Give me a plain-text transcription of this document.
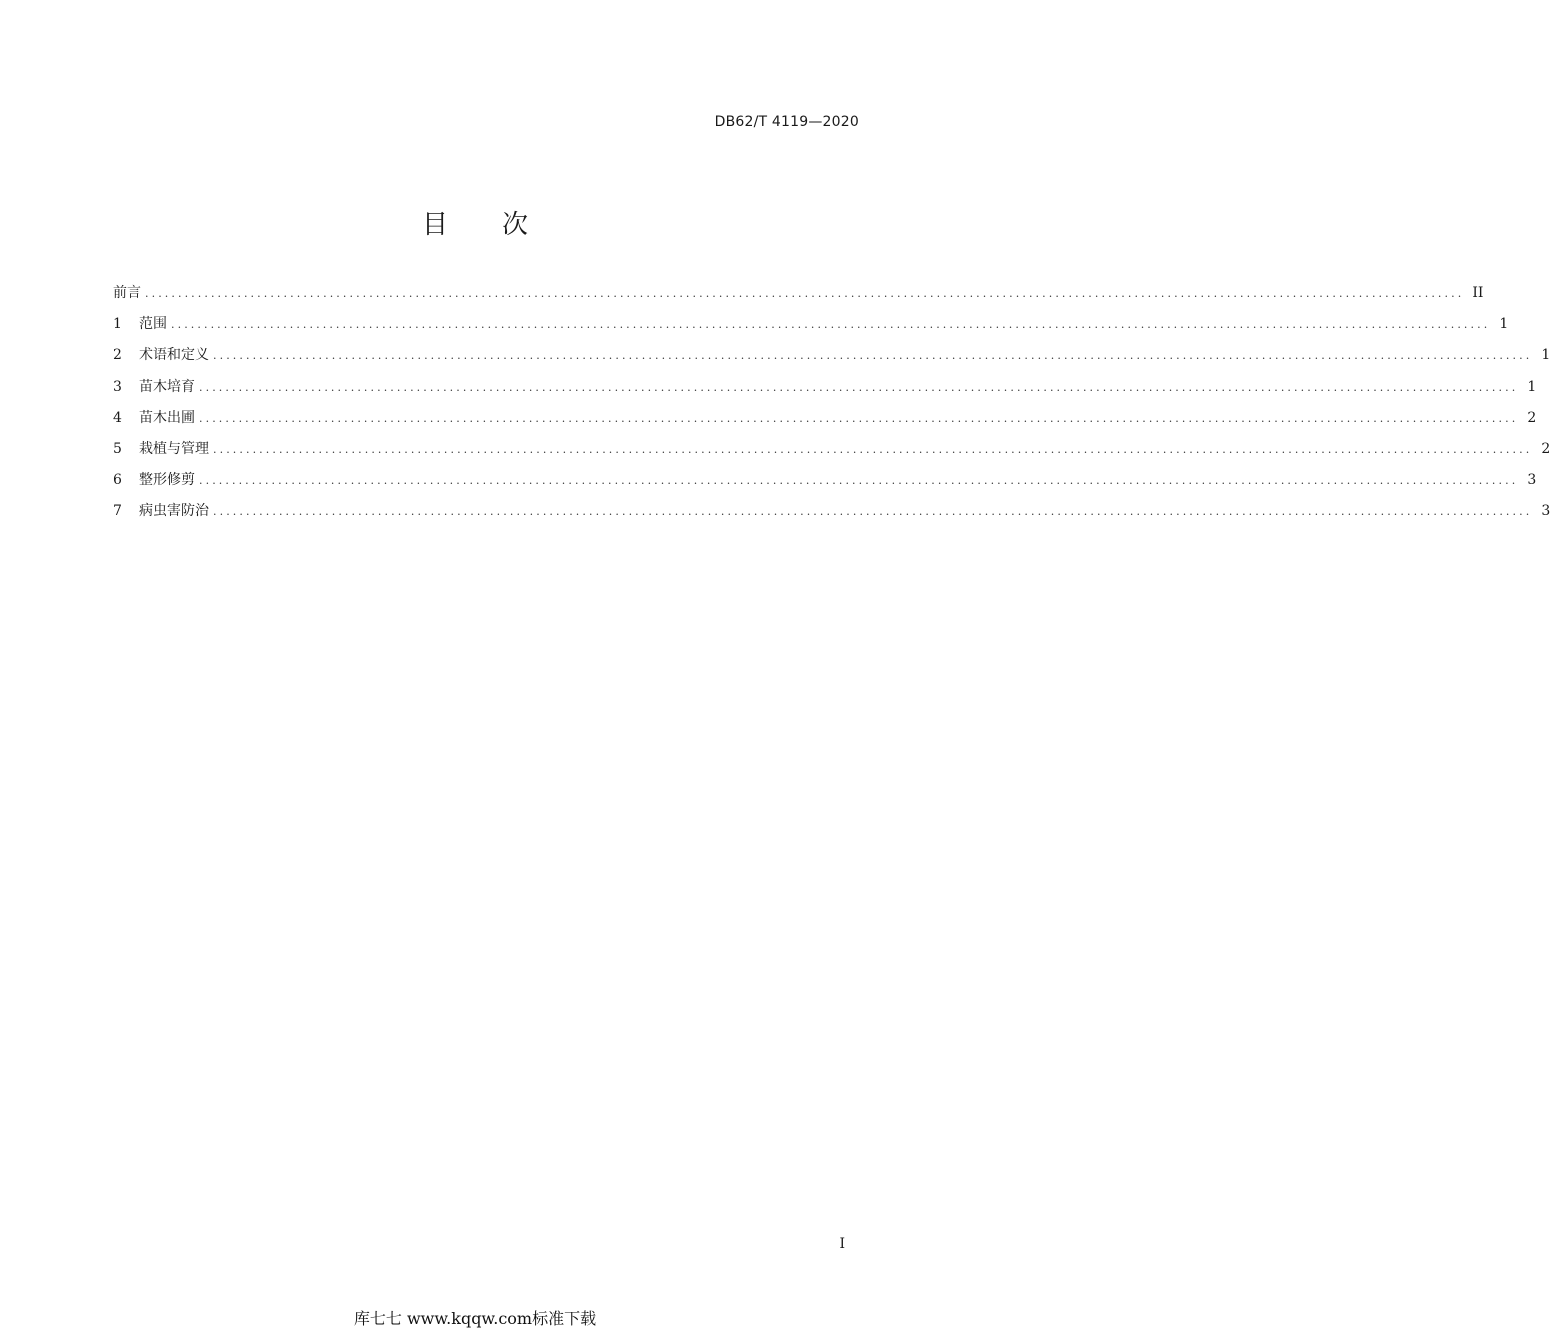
DB62/T 4119—2020
目 次
前言 ........................................................................................................................................................................................................ II
1	范围 ........................................................................................................................................................................................................ 1
2	术语和定义 ........................................................................................................................................................................................................ 1
3	苗木培育 ........................................................................................................................................................................................................ 1
4	苗木出圃 ........................................................................................................................................................................................................ 2
5	栽植与管理 ........................................................................................................................................................................................................ 2
6	整形修剪 ........................................................................................................................................................................................................ 3
7	病虫害防治 ........................................................................................................................................................................................................ 3
I
库七七 www.kqqw.com标准下载
